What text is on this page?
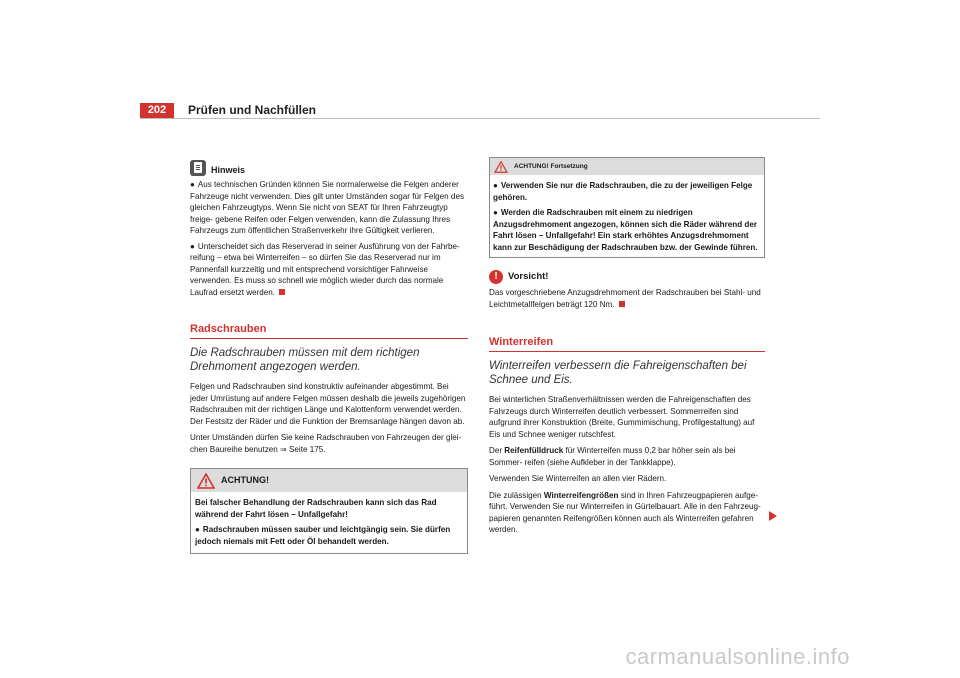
202	Prüfen und Nachfüllen
Hinweis

● Aus technischen Gründen können Sie normalerweise die Felgen anderer Fahrzeuge nicht verwenden. Dies gilt unter Umständen sogar für Felgen des gleichen Fahrzeugtyps. Wenn Sie nicht von SEAT für Ihren Fahrzeugtyp freige- gebene Reifen oder Felgen verwenden, kann die Zulassung Ihres Fahrzeugs zum öffentlichen Straßenverkehr ihre Gültigkeit verlieren.

● Unterscheidet sich das Reserverad in seiner Ausführung von der Fahrbe- reifung – etwa bei Winterreifen – so dürfen Sie das Reserverad nur im Pannenfall kurzzeitig und mit entsprechend vorsichtiger Fahrweise verwenden. Es muss so schnell wie möglich wieder durch das normale Laufrad ersetzt werden.

Radschrauben
Die Radschrauben müssen mit dem richtigen Drehmoment angezogen werden.

Felgen und Radschrauben sind konstruktiv aufeinander abgestimmt. Bei jeder Umrüstung auf andere Felgen müssen deshalb die jeweils zugehörigen Radschrauben mit der richtigen Länge und Kalottenform verwendet werden. Der Festsitz der Räder und die Funktion der Bremsanlage hängen davon ab.

Unter Umständen dürfen Sie keine Radschrauben von Fahrzeugen der glei- chen Baureihe benutzen ⇒ Seite 175.

ACHTUNG!

Bei falscher Behandlung der Radschrauben kann sich das Rad während der Fahrt lösen – Unfallgefahr!

● Radschrauben müssen sauber und leichtgängig sein. Sie dürfen jedoch niemals mit Fett oder Öl behandelt werden.

ACHTUNG! Fortsetzung

● Verwenden Sie nur die Radschrauben, die zu der jeweiligen Felge gehören.

● Werden die Radschrauben mit einem zu niedrigen Anzugsdrehmoment angezogen, können sich die Räder während der Fahrt lösen – Unfallgefahr! Ein stark erhöhtes Anzugsdrehmoment kann zur Beschädigung der Radschrauben bzw. der Gewinde führen.

!	Vorsicht!

Das vorgeschriebene Anzugsdrehmoment der Radschrauben bei Stahl- und Leichtmetallfelgen beträgt 120 Nm.

Winterreifen
Winterreifen verbessern die Fahreigenschaften bei Schnee und Eis.

Bei winterlichen Straßenverhältnissen werden die Fahreigenschaften des Fahrzeugs durch Winterreifen deutlich verbessert. Sommerreifen sind aufgrund ihrer Konstruktion (Breite, Gummimischung, Profilgestaltung) auf Eis und Schnee weniger rutschfest.

Der Reifenfülldruck für Winterreifen muss 0,2 bar höher sein als bei Sommer- reifen (siehe Aufkleber in der Tankklappe).

Verwenden Sie Winterreifen an allen vier Rädern.

Die zulässigen Winterreifengrößen sind in Ihren Fahrzeugpapieren aufge- führt. Verwenden Sie nur Winterreifen in Gürtelbauart. Alle in den Fahrzeug- papieren genannten Reifengrößen können auch als Winterreifen gefahren werden.

carmanualsonline.info
